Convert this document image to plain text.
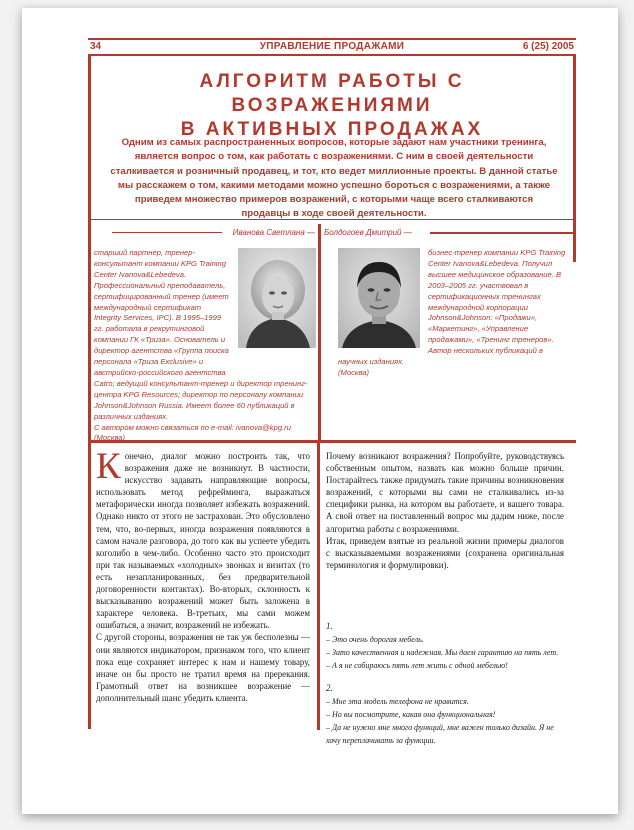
34	УПРАВЛЕНИЕ ПРОДАЖАМИ	6 (25) 2005
АЛГОРИТМ РАБОТЫ С ВОЗРАЖЕНИЯМИ
В АКТИВНЫХ ПРОДАЖАХ
Одним из самых распространенных вопросов, которые задают нам участники тренинга, является вопрос о том, как работать с возражениями. С ним в своей деятельности сталкивается и розничный продавец, и тот, кто ведет миллионные проекты. В данной статье мы расскажем о том, какими методами можно успешно бороться с возражениями, а также приведем множество примеров возражений, с которыми чаще всего сталкиваются продавцы в ходе своей деятельности.
Иванова Светлана — Болдогоев Дмитрий —
старший партнер, тренер-консультант компании KPG Training Center Ivanova&Lebedeva. Профессиональный преподаватель, сертифицированный тренер (имеет международный сертификат Integrity Services, IPC). В 1995–1999 гг. работала в рекрутинговой компании ГК «Триза». Основатель и директор агентства «Группа поиска персонала «Триза Exclusive» и австрийско-российского агентства Catro; ведущий консультант-тренер и директор тренинг-центра KPG Resources; директор по персоналу компании Johnson&Johnson Russia. Имеет более 60 публикаций в различных изданиях.
С автором можно связаться по e-mail: ivanova@kpg.ru
(Москва)
бизнес-тренер компании KPG Training Center Ivanova&Lebedeva. Получил высшее медицинское образование. В 2003–2005 гг. участвовал в сертификационных тренингах международной корпорации Johnson&Johnson: «Продажи», «Маркетинг», «Управление продажами», «Тренинг тренеров». Автор нескольких публикаций в научных изданиях.
(Москва)

Конечно, диалог можно построить так, что возражения даже не возникнут. В частности, искусство задавать направляющие вопросы, использовать метод рефрейминга, выражаться метафорически иногда позволяет избежать возражений. Однако никто от этого не застрахован. Это обусловлено тем, что, во-первых, иногда возражения появляются в самом начале разговора, до того как вы успеете убедить коголибо в чем-либо. Особенно часто это происходит при так называемых «холодных» звонках и визитах (то есть незапланированных, без предварительной договоренности контактах). Во-вторых, склонность к высказыванию возражений может быть заложена в характере человека. В-третьих, мы сами можем ошибаться, а значит, возражений не избежать.

С другой стороны, возражения не так уж бесполезны — они являются индикатором, признаком того, что клиент пока еще сохраняет интерес к нам и нашему товару, иначе он бы просто не тратил время на пререкания. Грамотный ответ на возникшее возражение — дополнительный шанс убедить клиента.

Почему возникают возражения? Попробуйте, руководствуясь собственным опытом, назвать как можно больше причин. Постарайтесь также придумать такие причины возникновения возражений, с которыми вы сами не сталкивались из-за специфики рынка, на котором вы работаете, и вашего товара. А свой ответ на поставленный вопрос мы дадим ниже, после алгоритма работы с возражениями.

Итак, приведем взятые из реальной жизни примеры диалогов с высказываемыми возражениями (сохранена оригинальная терминология и формулировки).

1.
– Это очень дорогая мебель.
– Зато качественная и надежная. Мы даем гарантию на пять лет.
– А я не собираюсь пять лет жить с одной мебелью!
2.
– Мне эта модель телефона не нравится.
– Но вы посмотрите, какая она функциональная!
– Да не нужно мне много функций, мне важен только дизайн. Я не хочу переплачивать за функции.
